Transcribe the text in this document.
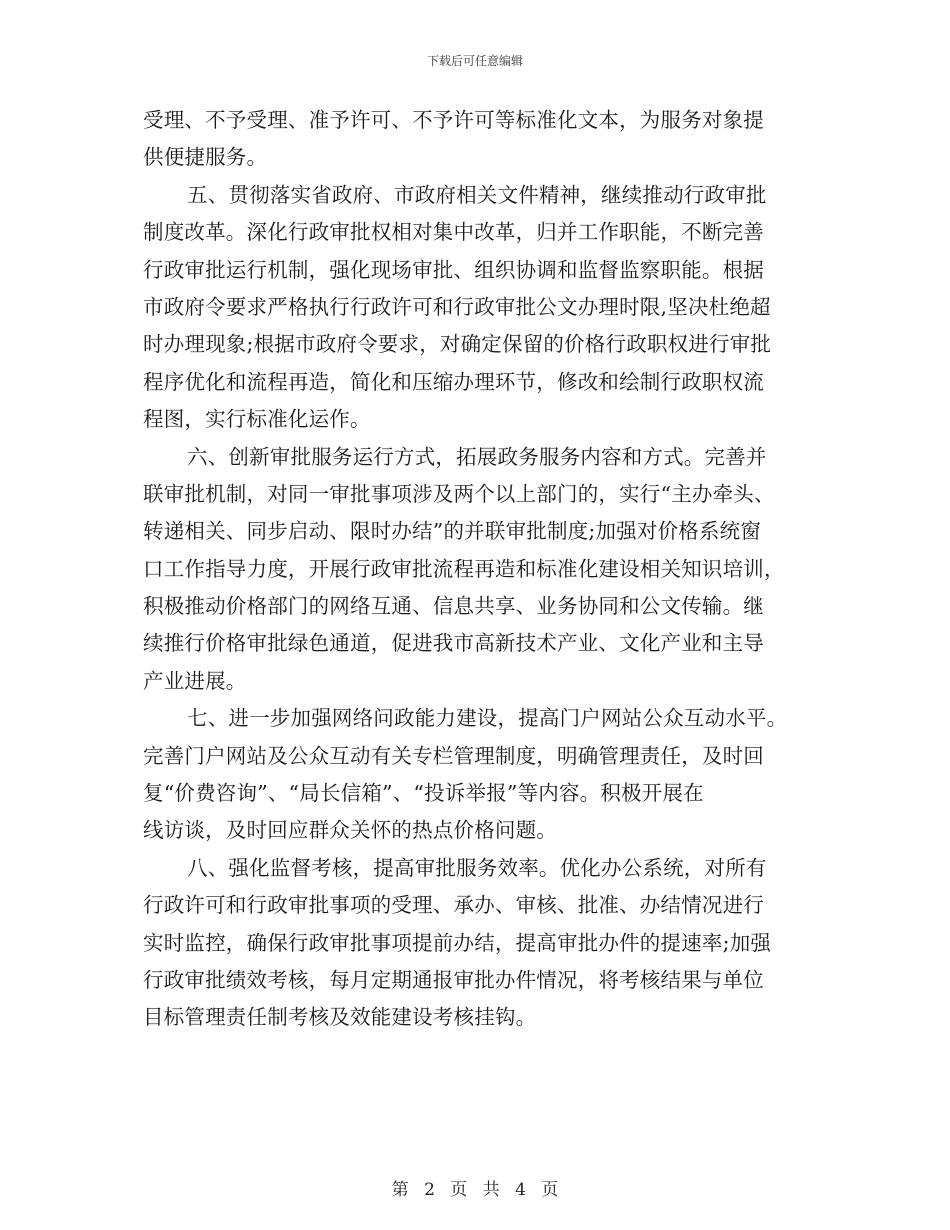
下载后可任意编辑
受理、不予受理、准予许可、不予许可等标准化文本，为服务对象提
供便捷服务。
五、贯彻落实省政府、市政府相关文件精神，继续推动行政审批
制度改革。深化行政审批权相对集中改革，归并工作职能，不断完善
行政审批运行机制，强化现场审批、组织协调和监督监察职能。根据
市政府令要求严格执行行政许可和行政审批公文办理时限,坚决杜绝超
时办理现象;根据市政府令要求，对确定保留的价格行政职权进行审批
程序优化和流程再造，简化和压缩办理环节，修改和绘制行政职权流
程图，实行标准化运作。
六、创新审批服务运行方式，拓展政务服务内容和方式。完善并
联审批机制，对同一审批事项涉及两个以上部门的，实行“主办牵头、
转递相关、同步启动、限时办结”的并联审批制度;加强对价格系统窗
口工作指导力度，开展行政审批流程再造和标准化建设相关知识培训，
积极推动价格部门的网络互通、信息共享、业务协同和公文传输。继
续推行价格审批绿色通道，促进我市高新技术产业、文化产业和主导
产业进展。
七、进一步加强网络问政能力建设，提高门户网站公众互动水平。
完善门户网站及公众互动有关专栏管理制度，明确管理责任，及时回
复“价费咨询”、“局长信箱”、“投诉举报”等内容。积极开展在
线访谈，及时回应群众关怀的热点价格问题。
八、强化监督考核，提高审批服务效率。优化办公系统，对所有
行政许可和行政审批事项的受理、承办、审核、批准、办结情况进行
实时监控，确保行政审批事项提前办结，提高审批办件的提速率;加强
行政审批绩效考核，每月定期通报审批办件情况，将考核结果与单位
目标管理责任制考核及效能建设考核挂钩。
第 2 页 共 4 页
